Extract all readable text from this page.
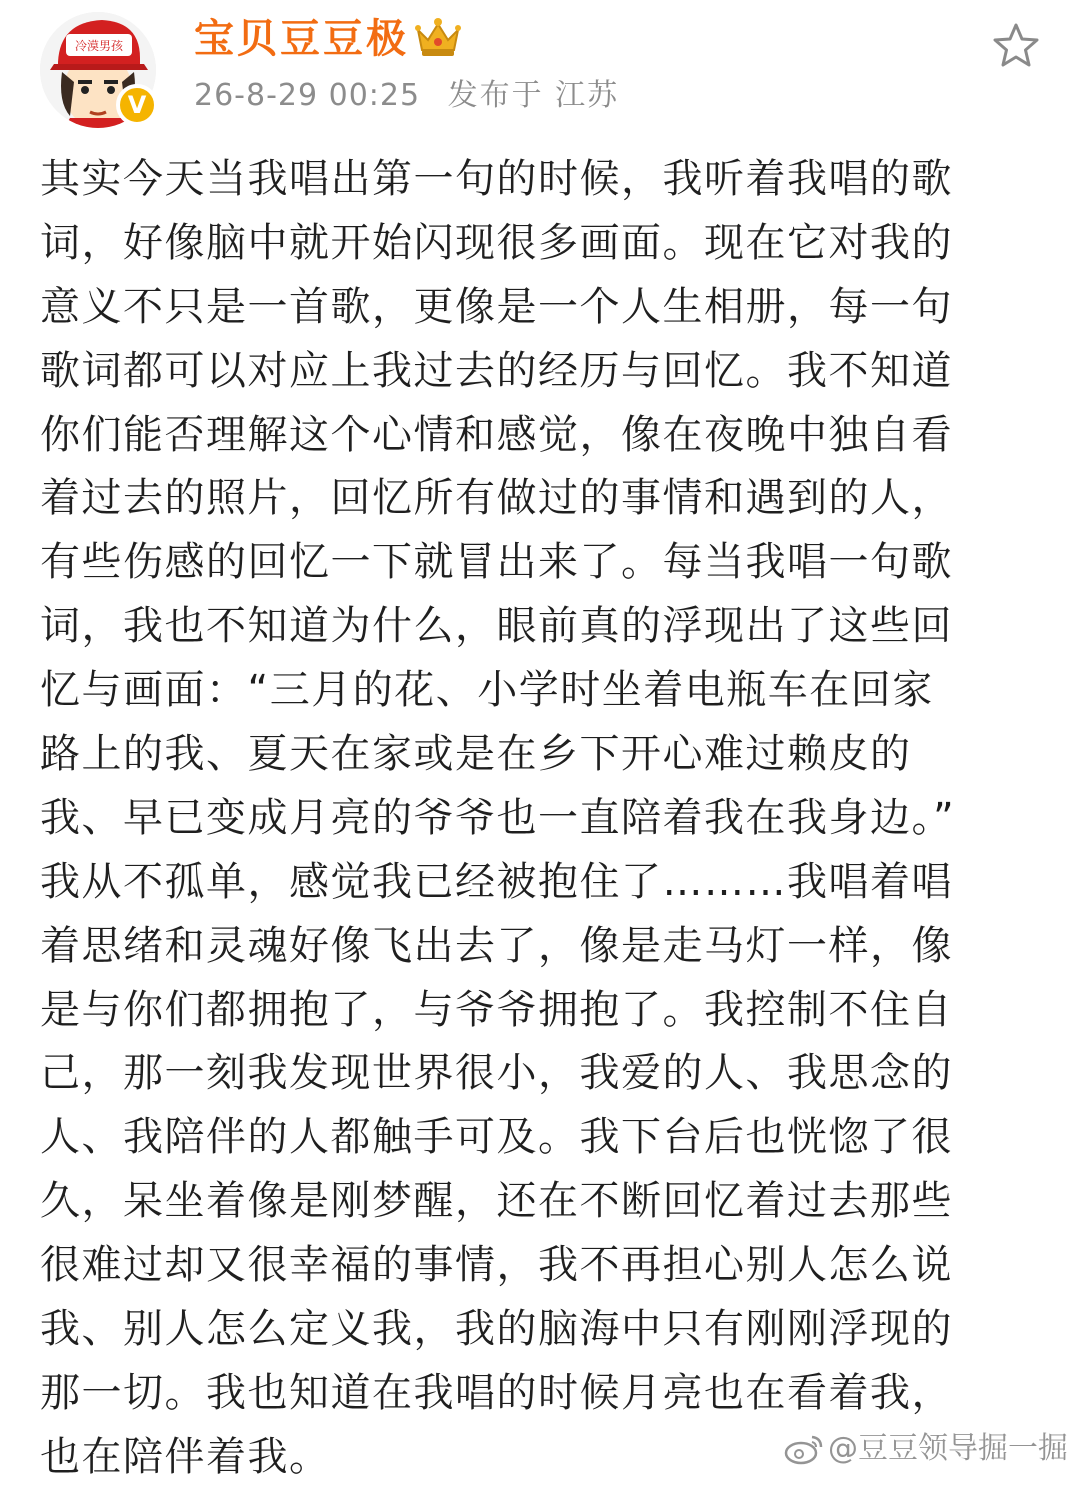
冷漠男孩
V
宝贝豆豆极
26-8-29 00:25 发布于 江苏
其实今天当我唱出第一句的时候，我听着我唱的歌
词，好像脑中就开始闪现很多画面。现在它对我的
意义不只是一首歌，更像是一个人生相册，每一句
歌词都可以对应上我过去的经历与回忆。我不知道
你们能否理解这个心情和感觉，像在夜晚中独自看
着过去的照片，回忆所有做过的事情和遇到的人，
有些伤感的回忆一下就冒出来了。每当我唱一句歌
词，我也不知道为什么，眼前真的浮现出了这些回
忆与画面：“三月的花、小学时坐着电瓶车在回家
路上的我、夏天在家或是在乡下开心难过赖皮的
我、早已变成月亮的爷爷也一直陪着我在我身边。”
我从不孤单，感觉我已经被抱住了………我唱着唱
着思绪和灵魂好像飞出去了，像是走马灯一样，像
是与你们都拥抱了，与爷爷拥抱了。我控制不住自
己，那一刻我发现世界很小，我爱的人、我思念的
人、我陪伴的人都触手可及。我下台后也恍惚了很
久，呆坐着像是刚梦醒，还在不断回忆着过去那些
很难过却又很幸福的事情，我不再担心别人怎么说
我、别人怎么定义我，我的脑海中只有刚刚浮现的
那一切。我也知道在我唱的时候月亮也在看着我，
也在陪伴着我。	@豆豆领导掘一掘
